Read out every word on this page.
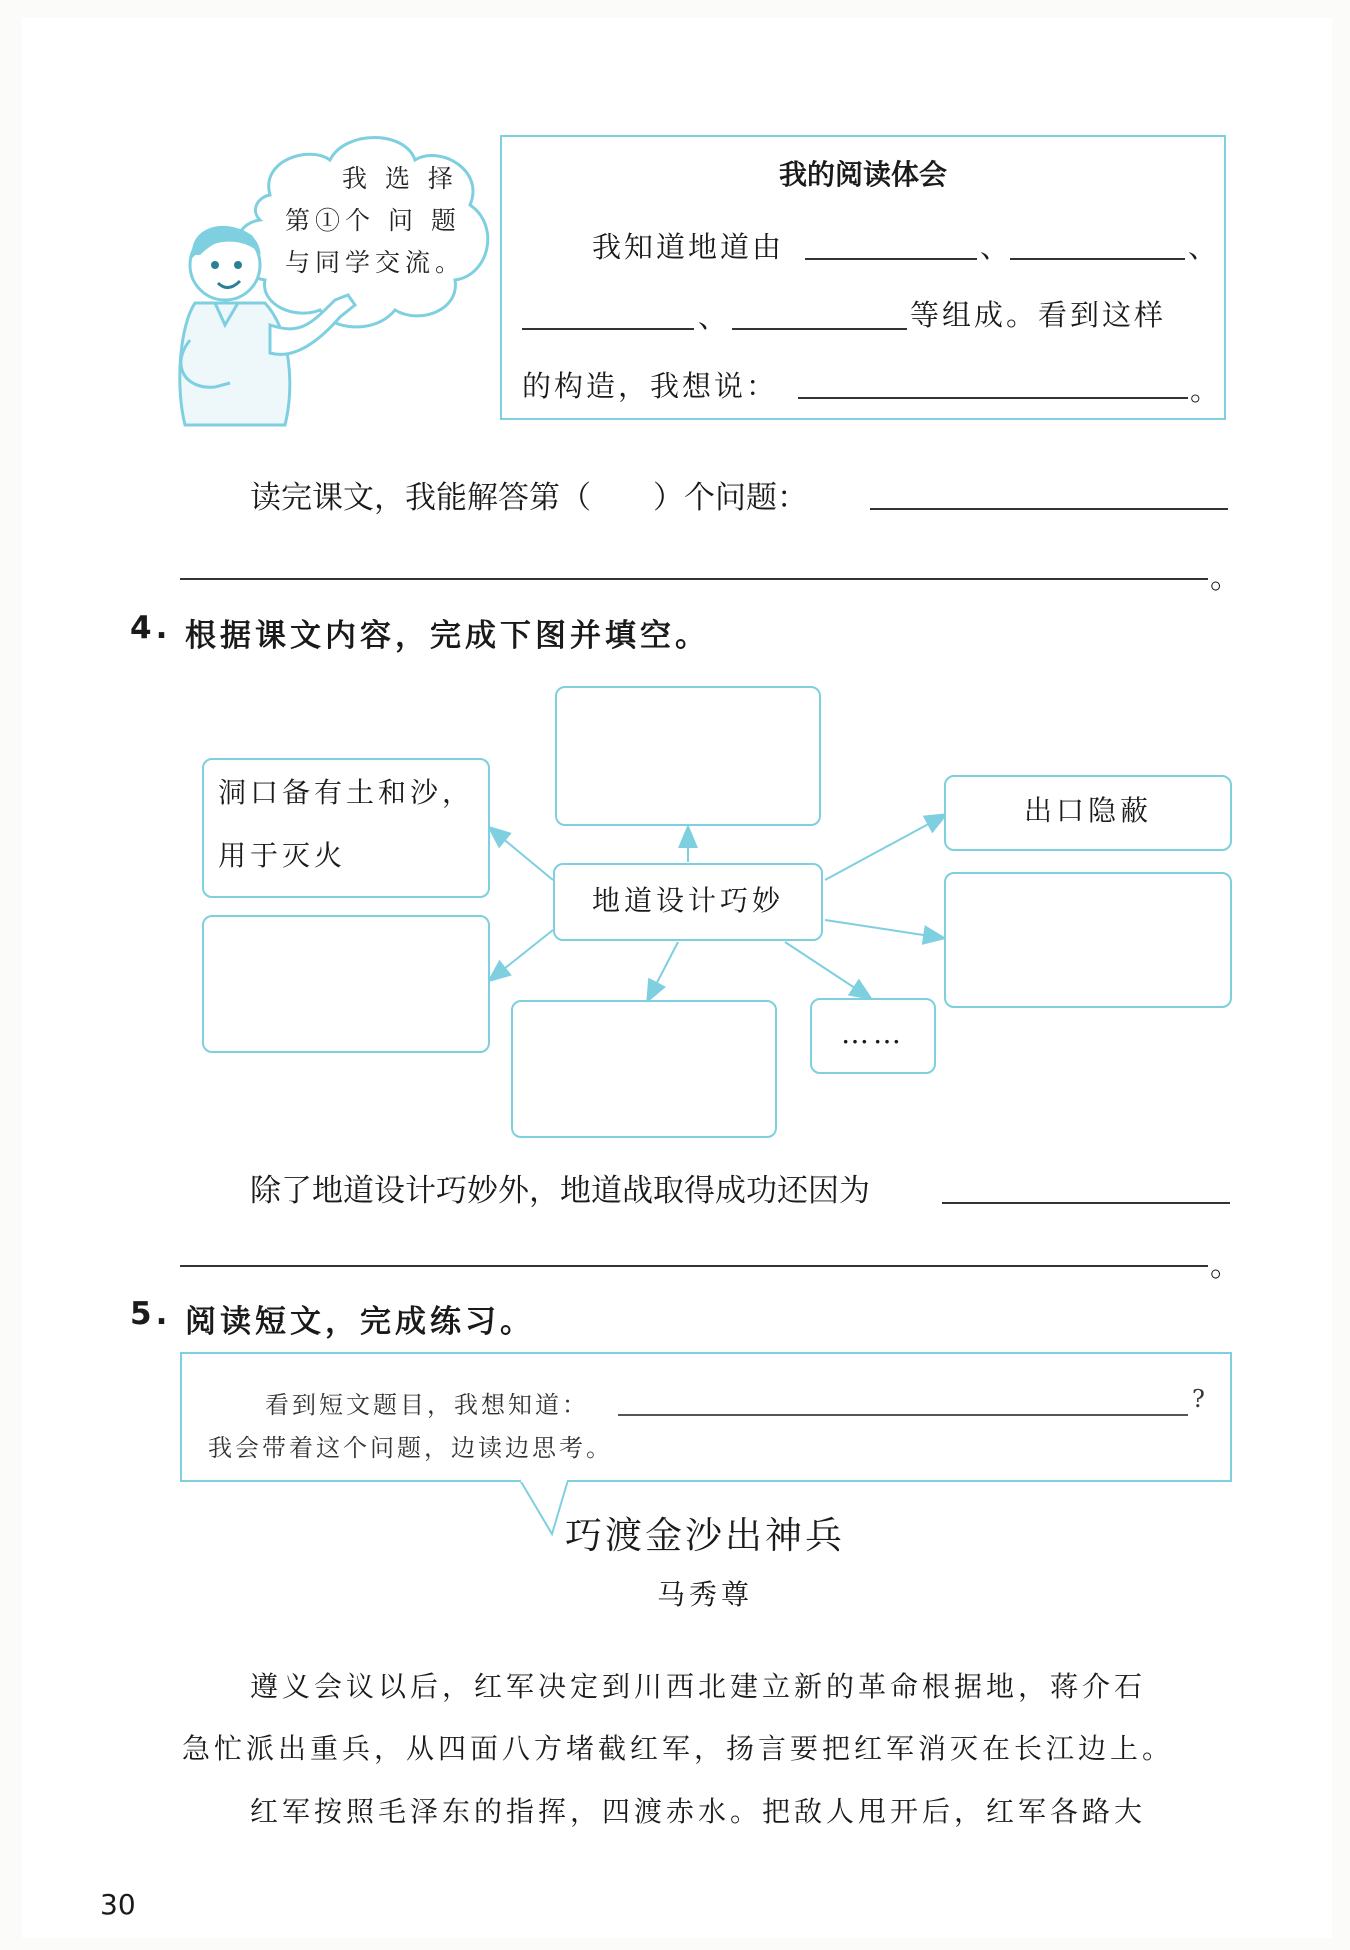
我 选 择
第①个 问 题
与同学交流。
我的阅读体会
我知道地道由	、	、
、	等组成。看到这样
的构造，我想说：	。
读完课文，我能解答第（　　）个问题：
。
4. 根据课文内容，完成下图并填空。
洞口备有土和沙，
用于灭火
地道设计巧妙
出口隐蔽
……
除了地道设计巧妙外，地道战取得成功还因为
。
5. 阅读短文，完成练习。
看到短文题目，我想知道：	?
我会带着这个问题，边读边思考。
巧渡金沙出神兵
马秀尊
遵义会议以后，红军决定到川西北建立新的革命根据地，蒋介石
急忙派出重兵，从四面八方堵截红军，扬言要把红军消灭在长江边上。
红军按照毛泽东的指挥，四渡赤水。把敌人甩开后，红军各路大
30
